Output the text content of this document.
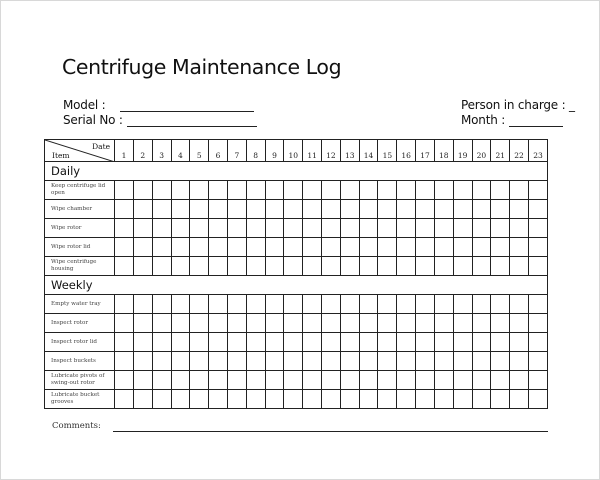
Centrifuge Maintenance Log
Model :
Serial No :
Person in charge : _
Month :
Date
Item	1	2	3	4	5	6	7	8	9	10	11	12	13	14	15	16	17	18	19	20	21	22	23
Daily																							
Keep centrifuge lid open																							
Wipe chamber																							
Wipe rotor																							
Wipe rotor lid																							
Wipe centrifuge housing																							
Weekly																							
Empty water tray																							
Inspect rotor																							
Inspect rotor lid																							
Inspect buckets																							
Lubricate pivots of swing-out rotor																							
Lubricate bucket grooves																							
Comments:
